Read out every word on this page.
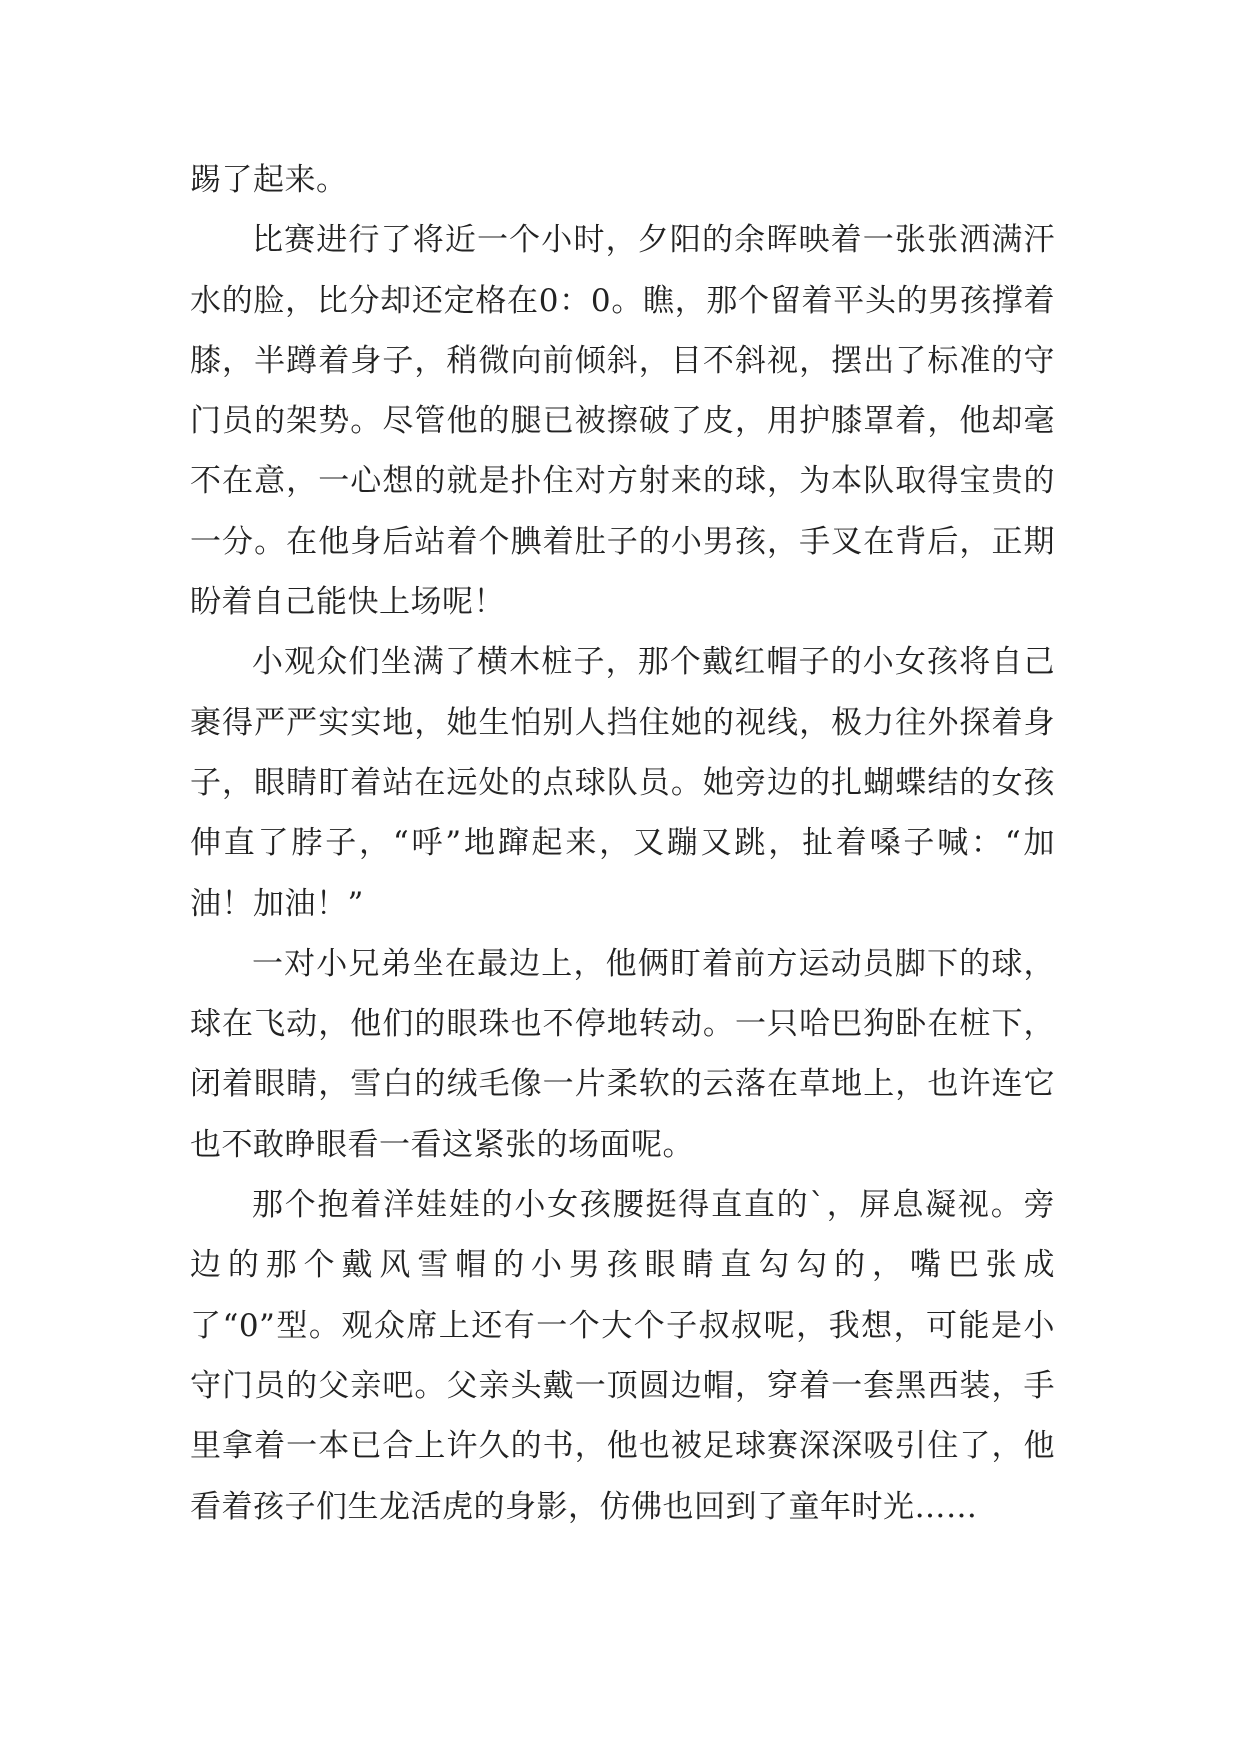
踢了起来。

比赛进行了将近一个小时，夕阳的余晖映着一张张洒满汗水的脸，比分却还定格在0：0。瞧，那个留着平头的男孩撑着膝，半蹲着身子，稍微向前倾斜，目不斜视，摆出了标准的守门员的架势。尽管他的腿已被擦破了皮，用护膝罩着，他却毫不在意，一心想的就是扑住对方射来的球，为本队取得宝贵的一分。在他身后站着个腆着肚子的小男孩，手叉在背后，正期盼着自己能快上场呢！

小观众们坐满了横木桩子，那个戴红帽子的小女孩将自己裹得严严实实地，她生怕别人挡住她的视线，极力往外探着身子，眼睛盯着站在远处的点球队员。她旁边的扎蝴蝶结的女孩伸直了脖子，“呼”地蹿起来，又蹦又跳，扯着嗓子喊：“加油！加油！”

一对小兄弟坐在最边上，他俩盯着前方运动员脚下的球，球在飞动，他们的眼珠也不停地转动。一只哈巴狗卧在桩下，闭着眼睛，雪白的绒毛像一片柔软的云落在草地上，也许连它也不敢睁眼看一看这紧张的场面呢。

那个抱着洋娃娃的小女孩腰挺得直直的`，屏息凝视。旁边的那个戴风雪帽的小男孩眼睛直勾勾的，嘴巴张成了“0”型。观众席上还有一个大个子叔叔呢，我想，可能是小守门员的父亲吧。父亲头戴一顶圆边帽，穿着一套黑西装，手里拿着一本已合上许久的书，他也被足球赛深深吸引住了，他看着孩子们生龙活虎的身影，仿佛也回到了童年时光……
